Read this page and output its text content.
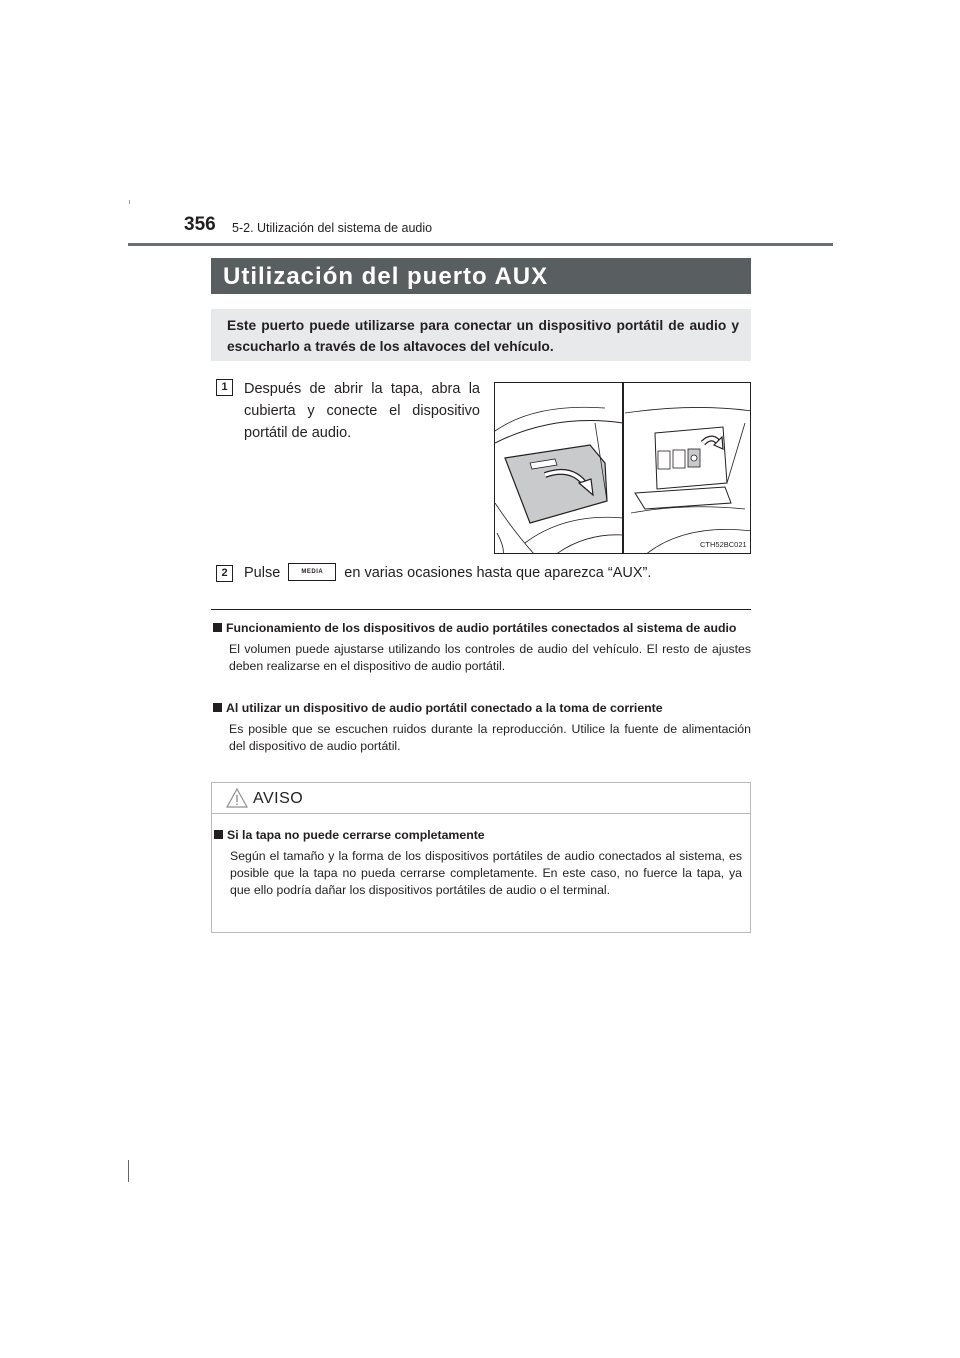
356 5-2. Utilización del sistema de audio
Utilización del puerto AUX
Este puerto puede utilizarse para conectar un dispositivo portátil de audio y escucharlo a través de los altavoces del vehículo.
1	Después de abrir la tapa, abra la cubierta y conecte el dispositivo portátil de audio.
CTH52BC021
2	Pulse	MEDIA en varias ocasiones hasta que aparezca “AUX”.
Funcionamiento de los dispositivos de audio portátiles conectados al sistema de audio
El volumen puede ajustarse utilizando los controles de audio del vehículo. El resto de ajustes deben realizarse en el dispositivo de audio portátil.
Al utilizar un dispositivo de audio portátil conectado a la toma de corriente
Es posible que se escuchen ruidos durante la reproducción. Utilice la fuente de alimentación del dispositivo de audio portátil.
AVISO
Si la tapa no puede cerrarse completamente
Según el tamaño y la forma de los dispositivos portátiles de audio conectados al sistema, es posible que la tapa no pueda cerrarse completamente. En este caso, no fuerce la tapa, ya que ello podría dañar los dispositivos portátiles de audio o el terminal.
